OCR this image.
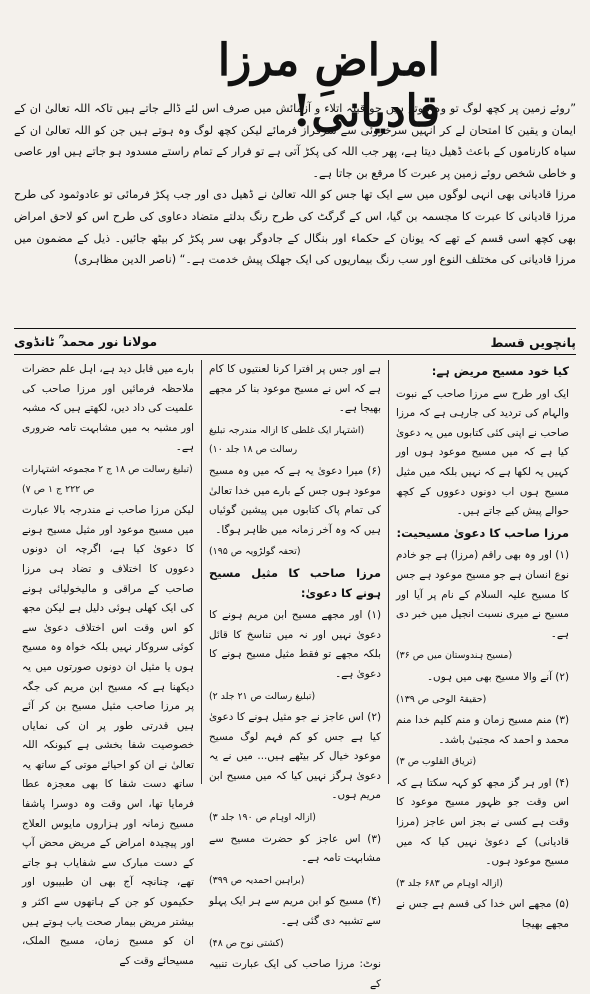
امراضِ مرزا قادیانی!

”روئے زمین پر کچھ لوگ تو وہ ہوتے ہیں جو قبلہ اتلاء و آزمائش میں صرف اس لئے ڈالے جاتے ہیں تاکہ اللہ تعالیٰ ان کے ایمان و یقین کا امتحان لے کر انہیں سرخروئی سے سرفراز فرمائے لیکن کچھ لوگ وہ ہوتے ہیں جن کو اللہ تعالیٰ ان کے سیاہ کارناموں کے باعث ڈھیل دیتا ہے، پھر جب اللہ کی پکڑ آتی ہے تو فرار کے تمام راستے مسدود ہو جاتے ہیں اور عاصی و خاطی شخص روئے زمین پر عبرت کا مرقع بن جاتا ہے۔

مرزا قادیانی بھی انہی لوگوں میں سے ایک تھا جس کو اللہ تعالیٰ نے ڈھیل دی اور جب پکڑ فرمائی تو عادوثمود کی طرح مرزا قادیانی کا عبرت کا مجسمہ بن گیا، اس کے گرگٹ کی طرح رنگ بدلتے متضاد دعاوی کی طرح اس کو لاحق امراض بھی کچھ اسی قسم کے تھے کہ یونان کے حکماء اور بنگال کے جادوگر بھی سر پکڑ کر بیٹھ جائیں۔ ذیل کے مضمون میں مرزا قادیانی کی مختلف النوع اور سب رنگ بیماریوں کی ایک جھلک پیش خدمت ہے۔“ (ناصر الدین مظاہری)

پانچویں قسط
مولانا نور محمد ؒ ٹانڈوی

کیا خود مسیح مریض ہے:

ایک اور طرح سے مرزا صاحب کے نبوت والہام کی تردید کی جارہی ہے کہ مرزا صاحب نے اپنی کئی کتابوں میں یہ دعویٰ کیا ہے کہ میں مسیح موعود ہوں اور کہیں یہ لکھا ہے کہ نہیں بلکہ میں مثیل مسیح ہوں اب دونوں دعووں کے کچھ حوالے پیش کیے جاتے ہیں۔

مرزا صاحب کا دعویٰ مسیحیت:

(۱) اور وہ بھی راقم (مرزا) ہے جو خادم نوع انسان ہے جو مسیح موعود ہے جس کا مسیح علیہ السلام کے نام پر آیا اور مسیح نے میری نسبت انجیل میں خبر دی ہے۔

(مسیح ہندوستان میں ص ۳۶)

(۲) آنے والا مسیح بھی میں ہوں۔

(حقیقۃ الوحی ص ۱۳۹)

(۳) منم مسیح زمان و منم کلیم خدا منم محمد و احمد کہ مجتبیٰ باشد۔

(تریاق القلوب ص ۳)

(۴) اور ہر گز مجھ کو کہہ سکتا ہے کہ اس وقت جو ظہور مسیح موعود کا وقت ہے کسی نے بجز اس عاجز (مرزا قادیانی) کے دعویٰ نہیں کیا کہ میں مسیح موعود ہوں۔

(ازالہ اوہام ص ۶۸۳ جلد ۳)

(۵) مجھے اس خدا کی قسم ہے جس نے مجھے بھیجا

ہے اور جس پر افترا کرنا لعنتیوں کا کام ہے کہ اس نے مسیح موعود بنا کر مجھے بھیجا ہے۔

(اشتہار ایک غلطی کا ازالہ مندرجہ تبلیغ رسالت ص ۱۸ جلد ۱۰)

(۶) میرا دعویٰ یہ ہے کہ میں وہ مسیح موعود ہوں جس کے بارے میں خدا تعالیٰ کی تمام پاک کتابوں میں پیشین گوئیاں ہیں کہ وہ آخر زمانہ میں ظاہر ہوگا۔

(تحفہ گولڑویہ ص ۱۹۵)

مرزا صاحب کا مثیل مسیح ہونے کا دعویٰ:

(۱) اور مجھے مسیح ابن مریم ہونے کا دعویٰ نہیں اور نہ میں تناسخ کا قائل بلکہ مجھے تو فقط مثیل مسیح ہونے کا دعویٰ ہے۔

(تبلیغ رسالت ص ۲۱ جلد ۲)

(۲) اس عاجز نے جو مثیل ہونے کا دعویٰ کیا ہے جس کو کم فہم لوگ مسیح موعود خیال کر بیٹھے ہیں... میں نے یہ دعویٰ ہرگز نہیں کیا کہ میں مسیح ابن مریم ہوں۔

(ازالہ اوہام ص ۱۹۰ جلد ۳)

(۳) اس عاجز کو حضرت مسیح سے مشابہت تامہ ہے۔

(براہین احمدیہ ص ۳۹۹)

(۴) مسیح کو ابن مریم سے ہر ایک پہلو سے تشبیہ دی گئی ہے۔

(کشتی نوح ص ۴۸)

نوٹ: مرزا صاحب کی ایک عبارت تنبیہ کے

بارے میں قابل دید ہے، اہل علم حضرات ملاحظہ فرمائیں اور مرزا صاحب کی علمیت کی داد دیں، لکھتے ہیں کہ مشبہ اور مشبہ بہ میں مشابہت تامہ ضروری ہے۔

(تبلیغ رسالت ص ۱۸ ج ۲ مجموعہ اشتہارات ص ۲۲۲ ج ۱ ص ۷)

لیکن مرزا صاحب نے مندرجہ بالا عبارت میں مسیح موعود اور مثیل مسیح ہونے کا دعویٰ کیا ہے، اگرچہ ان دونوں دعووں کا اختلاف و تضاد ہی مرزا صاحب کے مراقی و مالیخولیائی ہونے کی ایک کھلی ہوئی دلیل ہے لیکن مجھ کو اس وقت اس اختلاف دعویٰ سے کوئی سروکار نہیں بلکہ خواہ وہ مسیح ہوں یا مثیل ان دونوں صورتوں میں یہ دیکھنا ہے کہ مسیح ابن مریم کی جگہ پر مرزا صاحب مثیل مسیح بن کر آئے ہیں قدرتی طور پر ان کی نمایاں خصوصیت شفا بخشی ہے کیونکہ اللہ تعالیٰ نے ان کو احیائے موتی کے ساتھ یہ ساتھ دست شفا کا بھی معجزہ عطا فرمایا تھا، اس وقت وہ دوسرا پاشفا مسیح زمانہ اور ہزاروں مایوس العلاج اور پیچیدہ امراض کے مریض محض آپ کے دست مبارک سے شفایاب ہو جاتے تھے، چنانچہ آج بھی ان طبیبوں اور حکیموں کو جن کے ہاتھوں سے اکثر و بیشتر مریض بیمار صحت یاب ہوتے ہیں ان کو مسیح زمان، مسیح الملک، مسیحائے وقت کے
